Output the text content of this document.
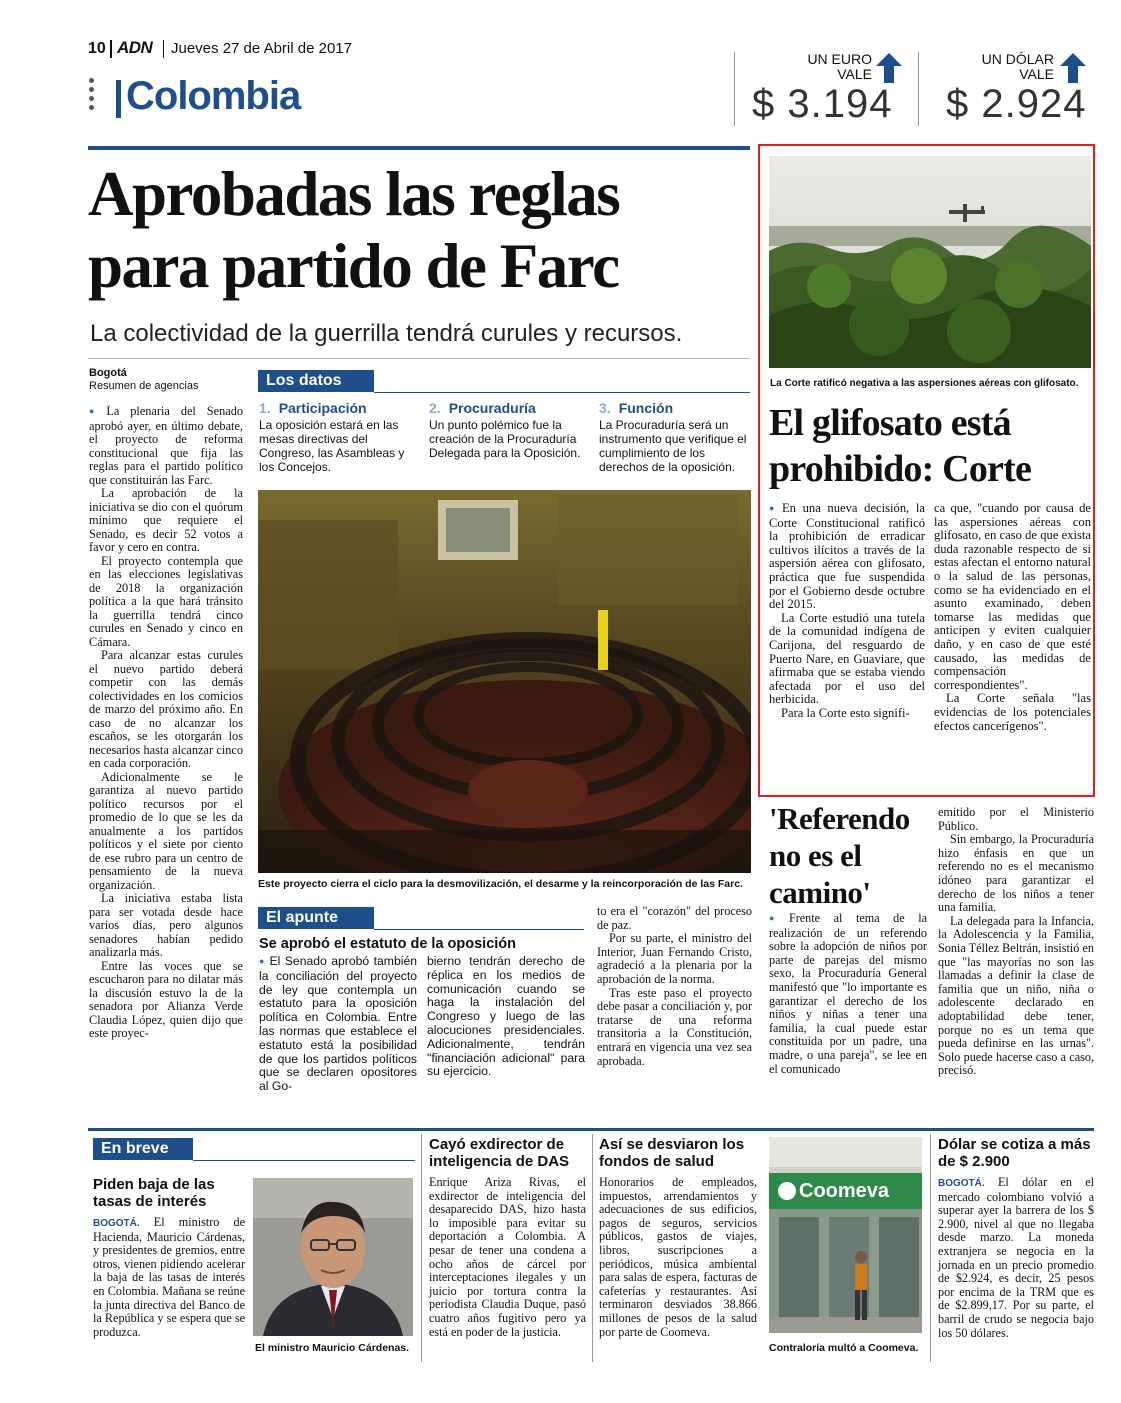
10 ADN Jueves 27 de Abril de 2017
Colombia
UN EURO
VALE
$ 3.194
UN DÓLAR
VALE
$ 2.924
Aprobadas las reglas
para partido de Farc
La colectividad de la guerrilla tendrá curules y recursos.
Bogotá
Resumen de agencias

● La plenaria del Senado aprobó ayer, en último debate, el proyecto de reforma constitucional que fija las reglas para el partido político que constituirán las Farc.

La aprobación de la iniciativa se dio con el quórum mínimo que requiere el Senado, es decir 52 votos a favor y cero en contra.

El proyecto contempla que en las elecciones legislativas de 2018 la organización política a la que hará tránsito la guerrilla tendrá cinco curules en Senado y cinco en Cámara.

Para alcanzar estas curules el nuevo partido deberá competir con las demás colectividades en los comicios de marzo del próximo año. En caso de no alcanzar los escaños, se les otorgarán los necesarios hasta alcanzar cinco en cada corporación.

Adicionalmente se le garantiza al nuevo partido político recursos por el promedio de lo que se les da anualmente a los partidos políticos y el siete por ciento de ese rubro para un centro de pensamiento de la nueva organización.

La iniciativa estaba lista para ser votada desde hace varios días, pero algunos senadores habían pedido analizarla más.

Entre las voces que se escucharon para no dilatar más la discusión estuvo la de la senadora por Alianza Verde Claudia López, quien dijo que este proyec-

Los datos
1. Participación
La oposición estará en las mesas directivas del Congreso, las Asambleas y los Concejos.
2. Procuraduría
Un punto polémico fue la creación de la Procuraduría Delegada para la Oposición.
3. Función
La Procuraduría será un instrumento que verifique el cumplimiento de los derechos de la oposición.
Este proyecto cierra el ciclo para la desmovilización, el desarme y la reincorporación de las Farc.
El apunte
Se aprobó el estatuto de la oposición

● El Senado aprobó también la conciliación del proyecto de ley que contempla un estatuto para la oposición política en Colombia. Entre las normas que establece el estatuto está la posibilidad de que los partidos políticos que se declaren opositores al Go-

bierno tendrán derecho de réplica en los medios de comunicación cuando se haga la instalación del Congreso y luego de las alocuciones presidenciales. Adicionalmente, tendrán "financiación adicional" para su ejercicio.

to era el "corazón" del proceso de paz.

Por su parte, el ministro del Interior, Juan Fernando Cristo, agradeció a la plenaria por la aprobación de la norma.

Tras este paso el proyecto debe pasar a conciliación y, por tratarse de una reforma transitoria a la Constitución, entrará en vigencia una vez sea aprobada.

La Corte ratificó negativa a las aspersiones aéreas con glifosato.
El glifosato está
prohibido: Corte

● En una nueva decisión, la Corte Constitucional ratificó la prohibición de erradicar cultivos ilícitos a través de la aspersión aérea con glifosato, práctica que fue suspendida por el Gobierno desde octubre del 2015.

La Corte estudió una tutela de la comunidad indígena de Carijona, del resguardo de Puerto Nare, en Guaviare, que afirmaba que se estaba viendo afectada por el uso del herbicida.

Para la Corte esto signifi-

ca que, "cuando por causa de las aspersiones aéreas con glifosato, en caso de que exista duda razonable respecto de si estas afectan el entorno natural o la salud de las personas, como se ha evidenciado en el asunto examinado, deben tomarse las medidas que anticipen y eviten cualquier daño, y en caso de que esté causado, las medidas de compensación correspondientes".

La Corte señala "las evidencias de los potenciales efectos cancerígenos".

'Referendo
no es el
camino'

● Frente al tema de la realización de un referendo sobre la adopción de niños por parte de parejas del mismo sexo, la Procuraduría General manifestó que "lo importante es garantizar el derecho de los niños y niñas a tener una familia, la cual puede estar constituida por un padre, una madre, o una pareja", se lee en el comunicado

emitido por el Ministerio Público.

Sin embargo, la Procuraduría hizo énfasis en que un referendo no es el mecanismo idóneo para garantizar el derecho de los niños a tener una familia.

La delegada para la Infancia, la Adolescencia y la Familia, Sonia Téllez Beltrán, insistió en que "las mayorías no son las llamadas a definir la clase de familia que un niño, niña o adolescente declarado en adoptabilidad debe tener, porque no es un tema que pueda definirse en las urnas". Solo puede hacerse caso a caso, precisó.

En breve
Piden baja de las tasas de interés
BOGOTÁ. El ministro de Hacienda, Mauricio Cárdenas, y presidentes de gremios, entre otros, vienen pidiendo acelerar la baja de las tasas de interés en Colombia. Mañana se reúne la junta directiva del Banco de la República y se espera que se produzca.
El ministro Mauricio Cárdenas.
Cayó exdirector de inteligencia de DAS
Enrique Ariza Rivas, el exdirector de inteligencia del desaparecido DAS, hizo hasta lo imposible para evitar su deportación a Colombia. A pesar de tener una condena a ocho años de cárcel por interceptaciones ilegales y un juicio por tortura contra la periodista Claudia Duque, pasó cuatro años fugitivo pero ya está en poder de la justicia.
Así se desviaron los fondos de salud
Honorarios de empleados, impuestos, arrendamientos y adecuaciones de sus edificios, pagos de seguros, servicios públicos, gastos de viajes, libros, suscripciones a periódicos, música ambiental para salas de espera, facturas de cafeterías y restaurantes. Así terminaron desviados 38.866 millones de pesos de la salud por parte de Coomeva.
Coomeva
Contraloría multó a Coomeva.
Dólar se cotiza a más de $ 2.900
BOGOTÁ. El dólar en el mercado colombiano volvió a superar ayer la barrera de los $ 2.900, nivel al que no llegaba desde marzo. La moneda extranjera se negocia en la jornada en un precio promedio de $2.924, es decir, 25 pesos por encima de la TRM que es de $2.899,17. Por su parte, el barril de crudo se negocia bajo los 50 dólares.
